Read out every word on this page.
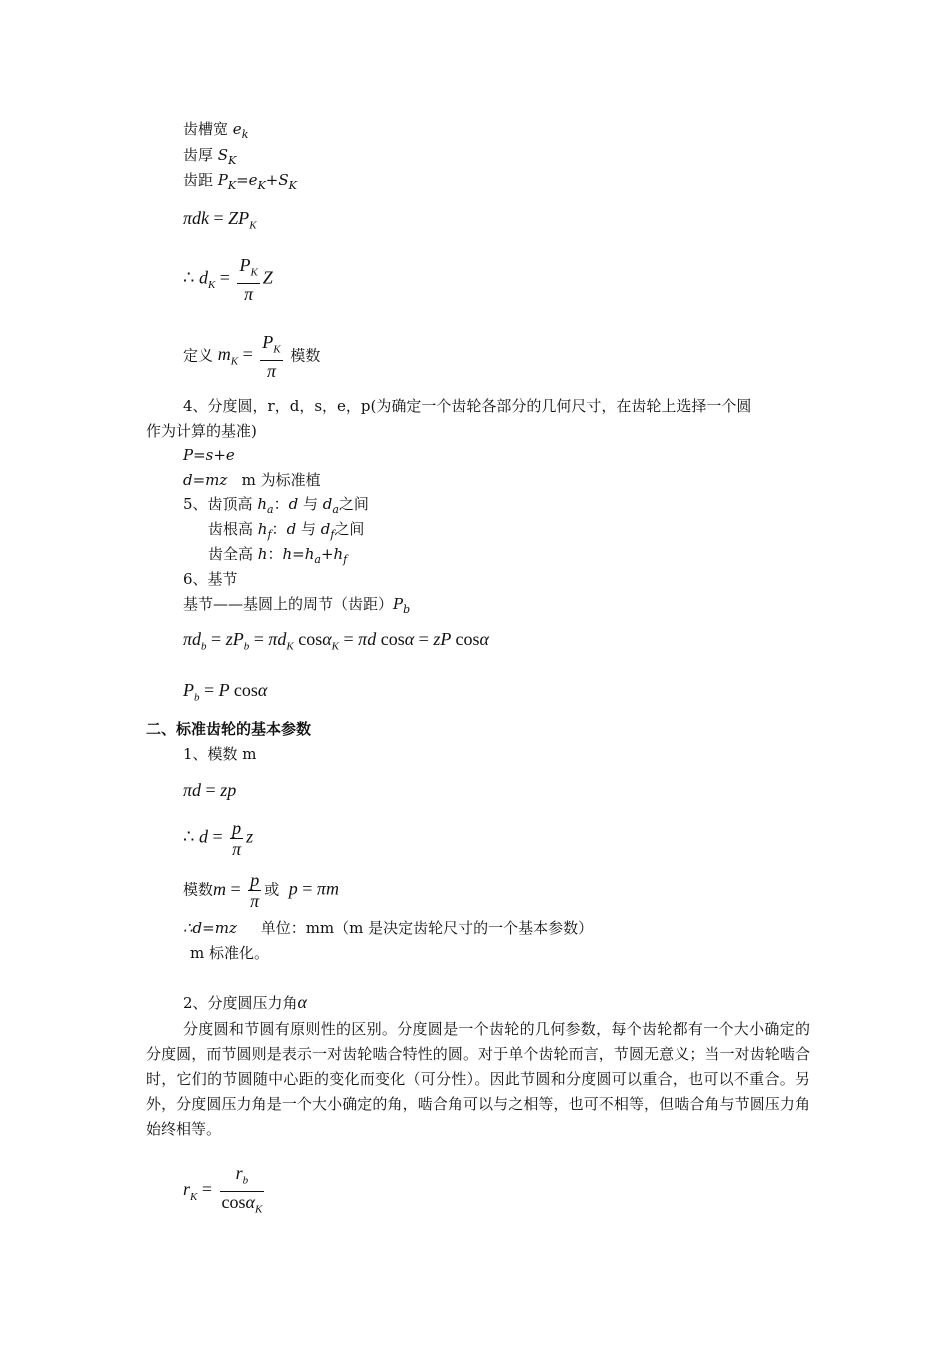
齿槽宽 $e_k$
齿厚 $S_K$
齿距 $P_K=e_K+S_K$
$\pi dk = ZP_K$
∴ $d_K = \frac{P_K}{\pi}$ Z
定义 $m_K = \frac{P_K}{\pi}$ 模数
4、分度圆，r，d，s，e，p(为确定一个齿轮各部分的几何尺寸，在齿轮上选择一个圆
作为计算的基准)
P=s+e
d=mz m 为标准植
5、齿顶高 $h_a$：d 与 $d_a$之间
齿根高 $h_f$：d 与 $d_f$之间
齿全高 h：$h=h_a+h_f$
6、基节
基节——基圆上的周节（齿距）$P_b$
$\pi d_b = zP_b = \pi d_K$ cosα$_K$ = πd cosα = zP cosα
$P_b = P$ cosα
二、标准齿轮的基本参数
1、模数 m
πd = zp
∴ $d = \frac{p}{\pi}$ z
模数$m = \frac{p}{\pi}$ 或 p = πm
∴d=mz 单位：mm（m 是决定齿轮尺寸的一个基本参数）
m 标准化。
2、分度圆压力角α
分度圆和节圆有原则性的区别。分度圆是一个齿轮的几何参数，每个齿轮都有一个大小确定的分度圆，而节圆则是表示一对齿轮啮合特性的圆。对于单个齿轮而言，节圆无意义；当一对齿轮啮合时，它们的节圆随中心距的变化而变化（可分性）。因此节圆和分度圆可以重合，也可以不重合。另外，分度圆压力角是一个大小确定的角，啮合角可以与之相等，也可不相等，但啮合角与节圆压力角始终相等。
$r_K = \frac{r_b}{\cos\alpha_K}$
